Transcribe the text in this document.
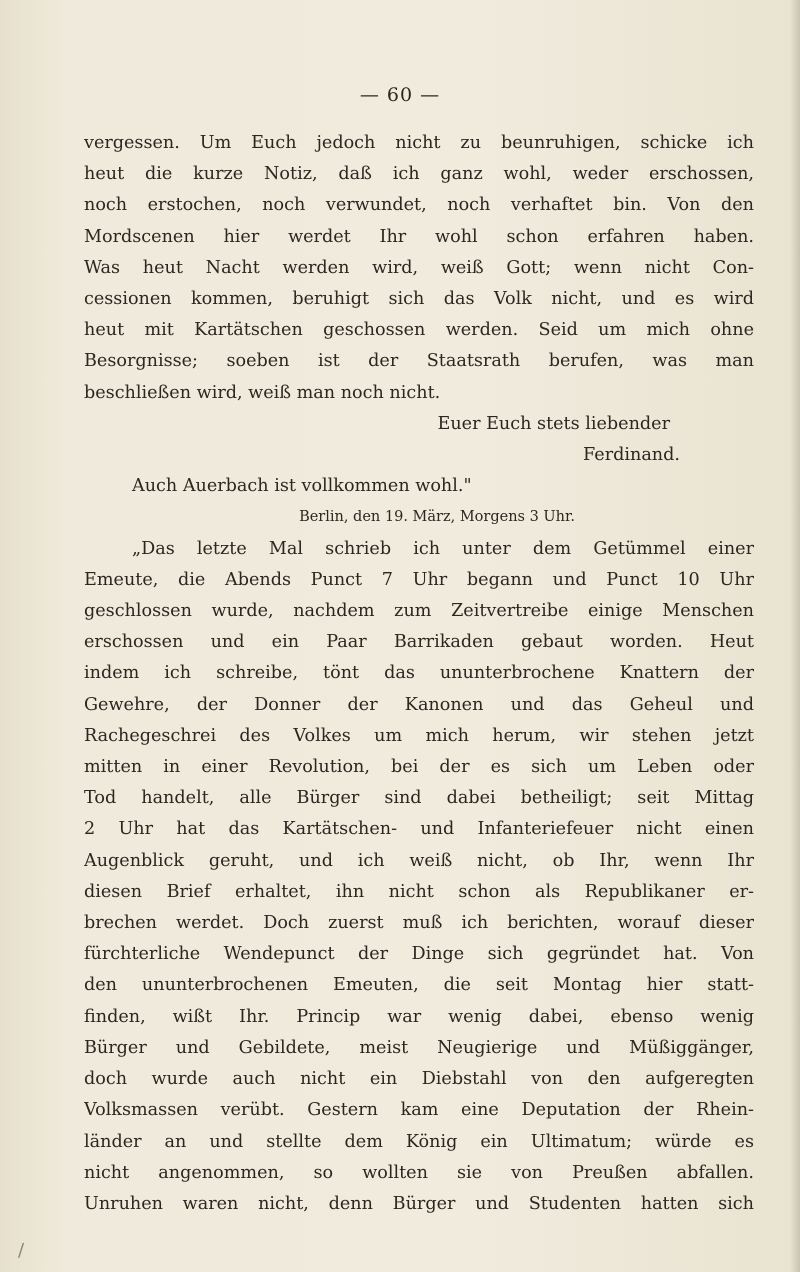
— 60 —
vergessen. Um Euch jedoch nicht zu beunruhigen, schicke ich
heut die kurze Notiz, daß ich ganz wohl, weder erschossen,
noch erstochen, noch verwundet, noch verhaftet bin. Von den
Mordscenen hier werdet Ihr wohl schon erfahren haben.
Was heut Nacht werden wird, weiß Gott; wenn nicht Con-
cessionen kommen, beruhigt sich das Volk nicht, und es wird
heut mit Kartätschen geschossen werden. Seid um mich ohne
Besorgnisse; soeben ist der Staatsrath berufen, was man
beschließen wird, weiß man noch nicht.
Euer Euch stets liebender
Ferdinand.
Auch Auerbach ist vollkommen wohl."
Berlin, den 19. März, Morgens 3 Uhr.
„Das letzte Mal schrieb ich unter dem Getümmel einer
Emeute, die Abends Punct 7 Uhr begann und Punct 10 Uhr
geschlossen wurde, nachdem zum Zeitvertreibe einige Menschen
erschossen und ein Paar Barrikaden gebaut worden. Heut
indem ich schreibe, tönt das ununterbrochene Knattern der
Gewehre, der Donner der Kanonen und das Geheul und
Rachegeschrei des Volkes um mich herum, wir stehen jetzt
mitten in einer Revolution, bei der es sich um Leben oder
Tod handelt, alle Bürger sind dabei betheiligt; seit Mittag
2 Uhr hat das Kartätschen- und Infanteriefeuer nicht einen
Augenblick geruht, und ich weiß nicht, ob Ihr, wenn Ihr
diesen Brief erhaltet, ihn nicht schon als Republikaner er-
brechen werdet. Doch zuerst muß ich berichten, worauf dieser
fürchterliche Wendepunct der Dinge sich gegründet hat. Von
den ununterbrochenen Emeuten, die seit Montag hier statt-
finden, wißt Ihr. Princip war wenig dabei, ebenso wenig
Bürger und Gebildete, meist Neugierige und Müßiggänger,
doch wurde auch nicht ein Diebstahl von den aufgeregten
Volksmassen verübt. Gestern kam eine Deputation der Rhein-
länder an und stellte dem König ein Ultimatum; würde es
nicht angenommen, so wollten sie von Preußen abfallen.
Unruhen waren nicht, denn Bürger und Studenten hatten sich
/
